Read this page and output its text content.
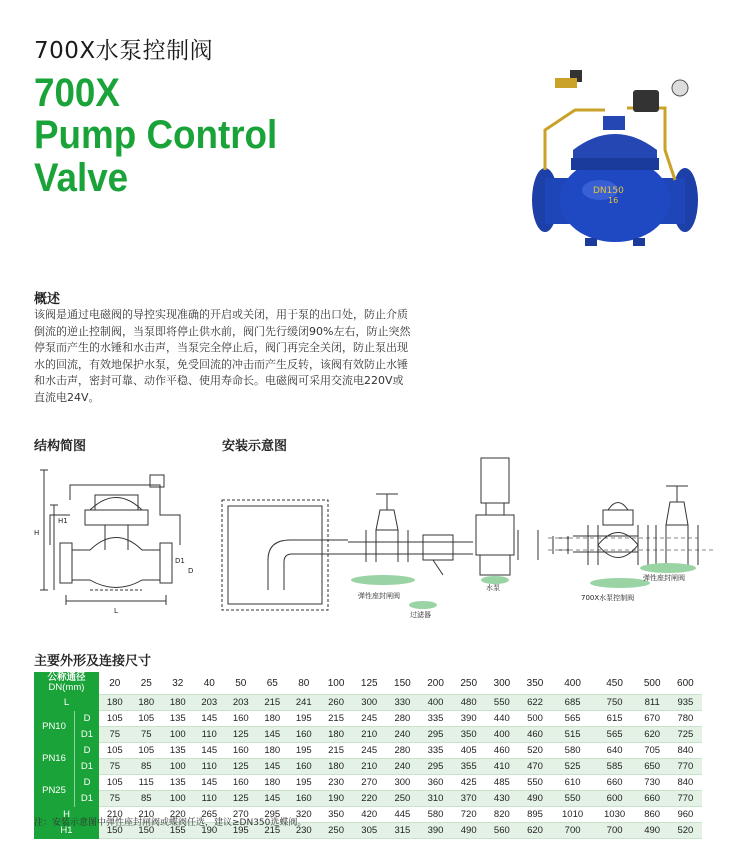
700X水泵控制阀
700X
Pump Control
Valve	DN150
16
概述
该阀是通过电磁阀的导控实现准确的开启或关闭，用于泵的出口处，防止介质倒流的逆止控制阀，当泵即将停止供水前，阀门先行缓闭90%左右，防止突然停泵而产生的水锤和水击声，当泵完全停止后，阀门再完全关闭，防止泵出现水的回流，有效地保护水泵，免受回流的冲击而产生反转，该阀有效防止水锤和水击声，密封可靠、动作平稳、使用寿命长。电磁阀可采用交流电220V或直流电24V。
结构简图
H
H1
L
D1
D
安装示意图
弹性座封闸阀
过滤器
水泵
700X水泵控制阀
弹性座封闸阀
主要外形及连接尺寸
公称通径
DN(mm)		20	25	32	40	50	65	80	100	125	150	200	250	300	350	400	450	500	600
L		180	180	180	203	203	215	241	260	300	330	400	480	550	622	685	750	811	935
PN10	D	105	105	135	145	160	180	195	215	245	280	335	390	440	500	565	615	670	780
	D1	75	75	100	110	125	145	160	180	210	240	295	350	400	460	515	565	620	725
PN16	D	105	105	135	145	160	180	195	215	245	280	335	405	460	520	580	640	705	840
	D1	75	85	100	110	125	145	160	180	210	240	295	355	410	470	525	585	650	770
PN25	D	105	115	135	145	160	180	195	230	270	300	360	425	485	550	610	660	730	840
	D1	75	85	100	110	125	145	160	190	220	250	310	370	430	490	550	600	660	770
H		210	210	220	265	270	295	320	350	420	445	580	720	820	895	1010	1030	860	960
H1		150	150	155	190	195	215	230	250	305	315	390	490	560	620	700	700	490	520
注：安装示意图中弹性座封闸阀或蝶阀任选，建议≥DN350选蝶阀。
